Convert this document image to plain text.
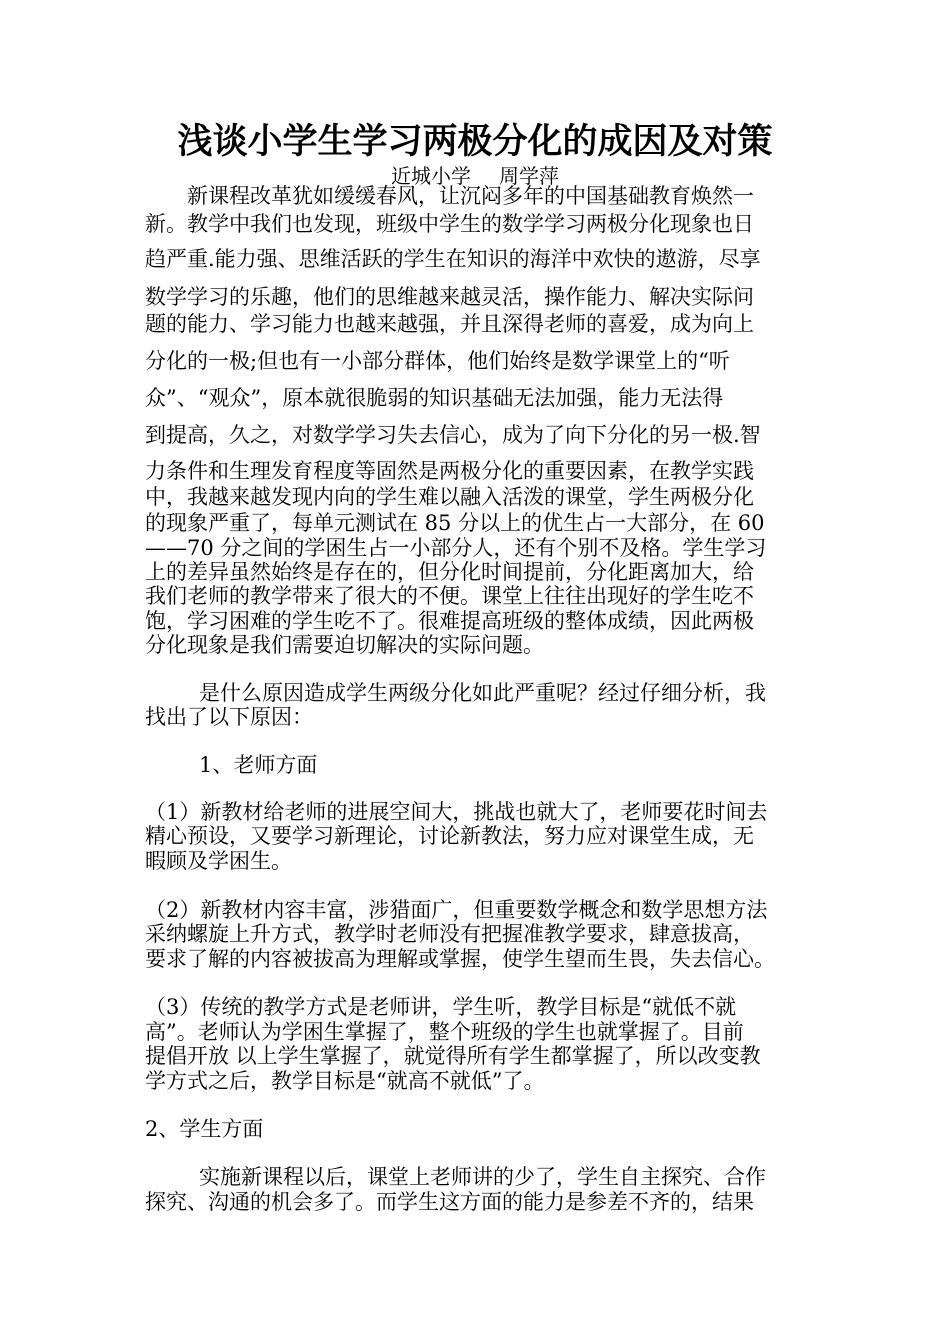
浅谈小学生学习两极分化的成因及对策
近城小学 周学萍
新课程改革犹如缓缓春风，让沉闷多年的中国基础教育焕然一
新。教学中我们也发现，班级中学生的数学学习两极分化现象也日
趋严重.能力强、思维活跃的学生在知识的海洋中欢快的遨游，尽享
数学学习的乐趣，他们的思维越来越灵活，操作能力、解决实际问
题的能力、学习能力也越来越强，并且深得老师的喜爱，成为向上
分化的一极;但也有一小部分群体，他们始终是数学课堂上的“听
众”、“观众”，原本就很脆弱的知识基础无法加强，能力无法得
到提高，久之，对数学学习失去信心，成为了向下分化的另一极.智
力条件和生理发育程度等固然是两极分化的重要因素，在教学实践
中，我越来越发现内向的学生难以融入活泼的课堂，学生两极分化
的现象严重了，每单元测试在 85 分以上的优生占一大部分，在 60
——70 分之间的学困生占一小部分人，还有个别不及格。学生学习
上的差异虽然始终是存在的，但分化时间提前，分化距离加大，给
我们老师的教学带来了很大的不便。课堂上往往出现好的学生吃不
饱，学习困难的学生吃不了。很难提高班级的整体成绩，因此两极
分化现象是我们需要迫切解决的实际问题。
是什么原因造成学生两级分化如此严重呢？经过仔细分析，我
找出了以下原因：
1、老师方面
（1）新教材给老师的进展空间大，挑战也就大了，老师要花时间去
精心预设，又要学习新理论，讨论新教法，努力应对课堂生成，无
暇顾及学困生。
（2）新教材内容丰富，涉猎面广，但重要数学概念和数学思想方法
采纳螺旋上升方式，教学时老师没有把握准教学要求，肆意拔高，
要求了解的内容被拔高为理解或掌握，使学生望而生畏，失去信心。
（3）传统的教学方式是老师讲，学生听，教学目标是“就低不就
高”。老师认为学困生掌握了，整个班级的学生也就掌握了。目前
提倡开放 以上学生掌握了，就觉得所有学生都掌握了，所以改变教
学方式之后，教学目标是“就高不就低”了。
2、学生方面
实施新课程以后，课堂上老师讲的少了，学生自主探究、合作
探究、沟通的机会多了。而学生这方面的能力是参差不齐的，结果
